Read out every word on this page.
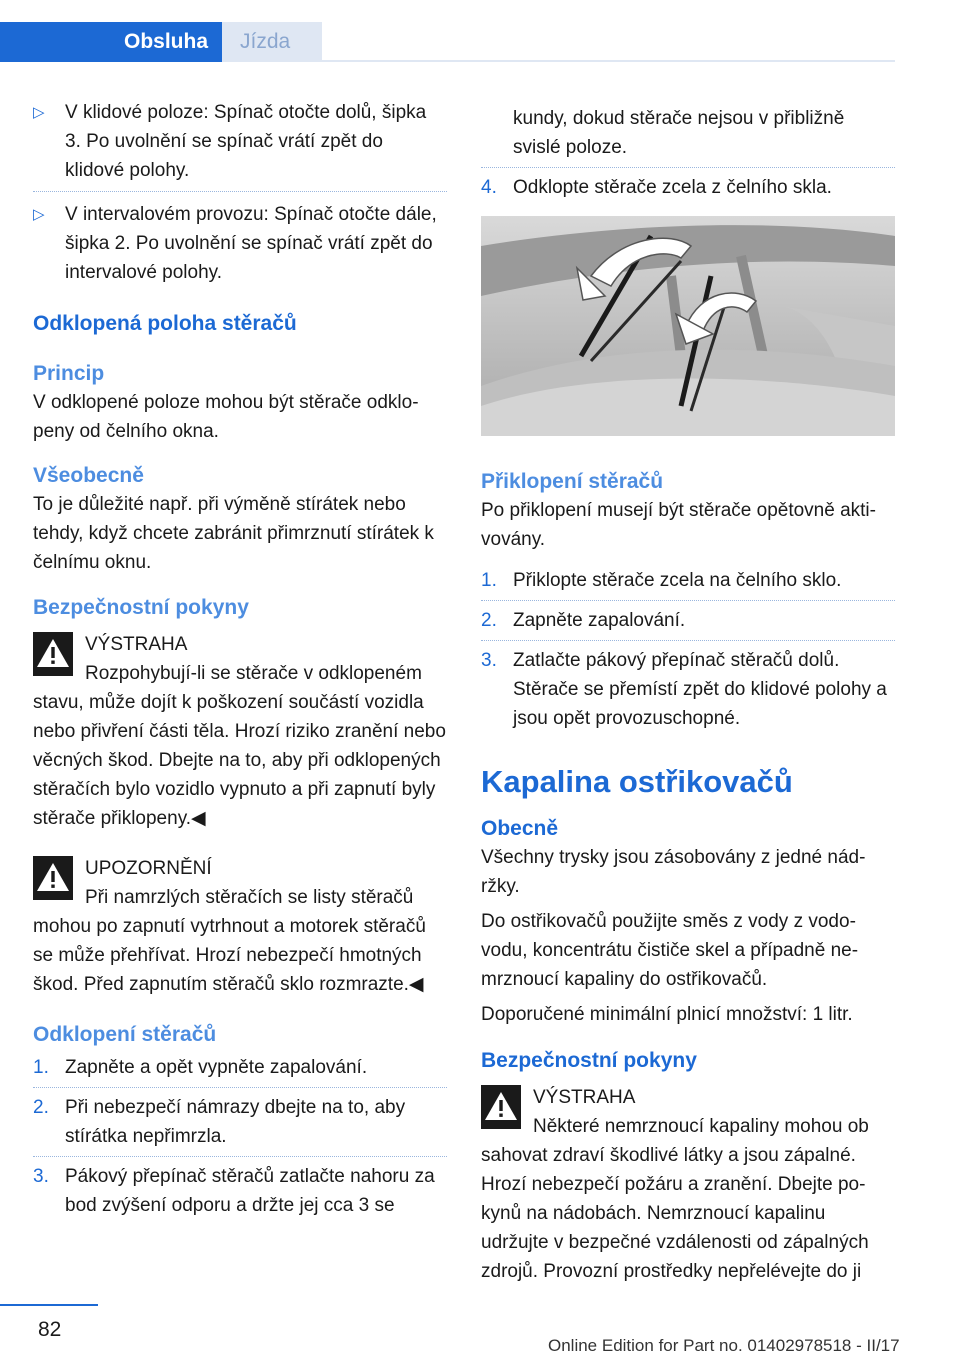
Obsluha	Jízda
▷ V klidové poloze: Spínač otočte dolů, šipka 3. Po uvolnění se spínač vrátí zpět do klidové polohy.
▷ V intervalovém provozu: Spínač otočte dále, šipka 2. Po uvolnění se spínač vrátí zpět do intervalové polohy.
Odklopená poloha stěračů
Princip

V odklopené poloze mohou být stěrače odklopeny od čelního okna.

Všeobecně

To je důležité např. při výměně stírátek nebo tehdy, když chcete zabránit přimrznutí stírátek k čelnímu oknu.

Bezpečnostní pokyny
VÝSTRAHA
Rozpohybují-li se stěrače v odklopeném
stavu, může dojít k poškození součástí vozidla nebo přivření části těla. Hrozí riziko zranění nebo věcných škod. Dbejte na to, aby při odklopených stěračích bylo vozidlo vypnuto a při zapnutí byly stěrače přiklopeny.◀
UPOZORNĚNÍ
Při namrzlých stěračích se listy stěračů
mohou po zapnutí vytrhnout a motorek stěračů se může přehřívat. Hrozí nebezpečí hmotných škod. Před zapnutím stěračů sklo rozmrazte.◀
Odklopení stěračů
1. Zapněte a opět vypněte zapalování.
2. Při nebezpečí námrazy dbejte na to, aby stírátka nepřimrzla.
3. Pákový přepínač stěračů zatlačte nahoru za bod zvýšení odporu a držte jej cca 3 se

kundy, dokud stěrače nejsou v přibližně svislé poloze.

4. Odklopte stěrače zcela z čelního skla.
Přiklopení stěračů

Po přiklopení musejí být stěrače opětovně aktivovány.

1. Přiklopte stěrače zcela na čelního sklo.
2. Zapněte zapalování.
3. Zatlačte pákový přepínač stěračů dolů. Stěrače se přemístí zpět do klidové polohy a jsou opět provozuschopné.
Kapalina ostřikovačů
Obecně

Všechny trysky jsou zásobovány z jedné nádržky.

Do ostřikovačů použijte směs z vody z vodovodu, koncentrátu čističe skel a případně nemrznoucí kapaliny do ostřikovačů.

Doporučené minimální plnicí množství: 1 litr.

Bezpečnostní pokyny
VÝSTRAHA
Některé nemrznoucí kapaliny mohou ob
sahovat zdraví škodlivé látky a jsou zápalné. Hrozí nebezpečí požáru a zranění. Dbejte pokynů na nádobách. Nemrznoucí kapalinu udržujte v bezpečné vzdálenosti od zápalných zdrojů. Provozní prostředky nepřelévejte do ji
82
Online Edition for Part no. 01402978518 - II/17
